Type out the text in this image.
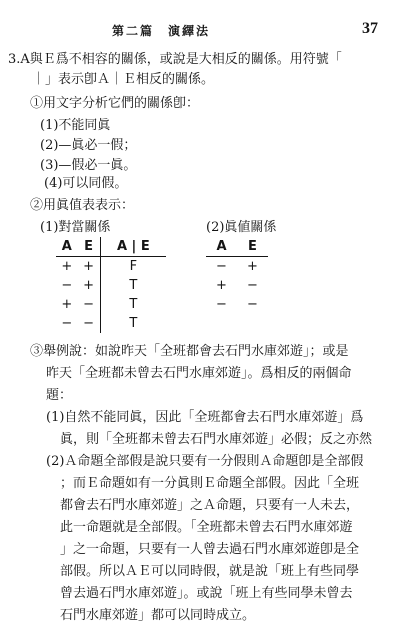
第二篇　演繹法	37
3.A與Ｅ爲不相容的關係，或說是大相反的關係。用符號「
｜」表示卽Ａ｜Ｅ相反的關係。
①用文字分析它們的關係卽：
(1)不能同眞
(2)—眞必一假；
(3)—假必一眞。
(4)可以同假。
②用眞值表表示：
(1)對當關係	(2)眞値關係
A	E	A | E
+	+	F
−	+	T
+	−	T
−	−	T
A	E
−	+
+	−
−	−
③舉例說：如說昨天「全班都會去石門水庫郊遊」；或是
昨天「全班都未曾去石門水庫郊遊」。爲相反的兩個命
題：
(1)自然不能同眞，因此「全班都會去石門水庫郊遊」爲
眞，則「全班都未曾去石門水庫郊遊」必假；反之亦然
(2)Ａ命題全部假是說只要有一分假則Ａ命題卽是全部假
；而Ｅ命題如有一分眞則Ｅ命題全部假。因此「全班
都會去石門水庫郊遊」之Ａ命題，只要有一人未去，
此一命題就是全部假。「全班都未曾去石門水庫郊遊
」之一命題，只要有一人曾去過石門水庫郊遊卽是全
部假。所以ＡＥ可以同時假，就是說「班上有些同學
曾去過石門水庫郊遊」。或說「班上有些同學未曾去
石門水庫郊遊」都可以同時成立。
